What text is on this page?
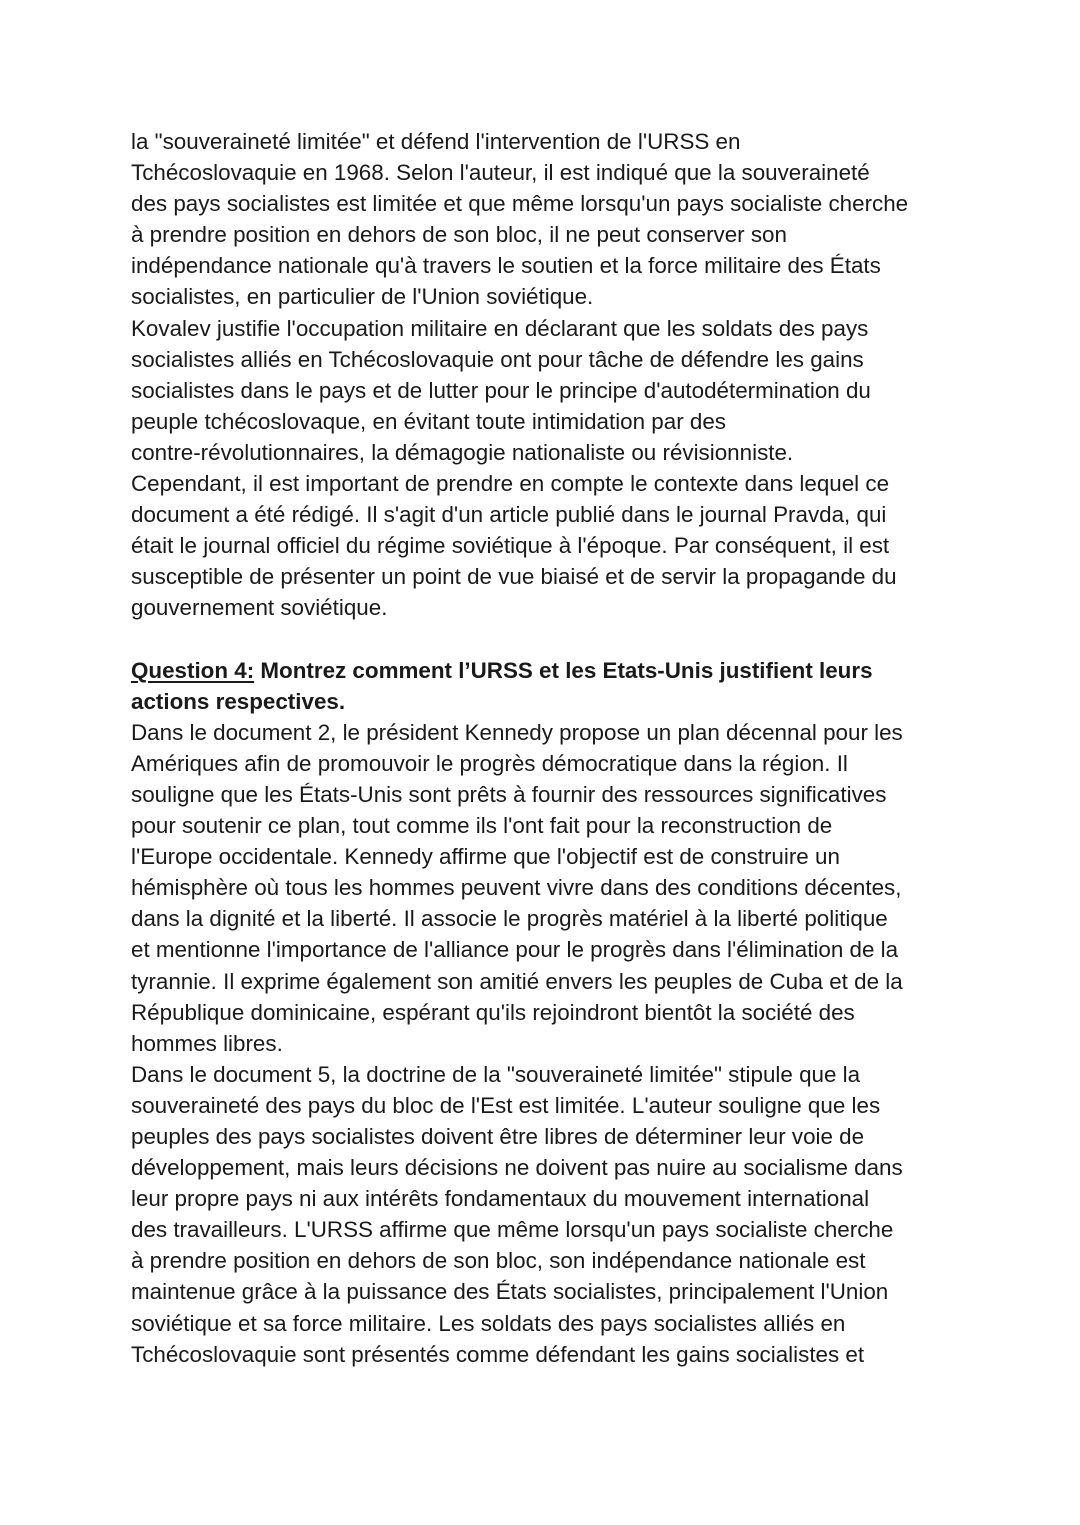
la "souveraineté limitée" et défend l'intervention de l'URSS en
Tchécoslovaquie en 1968. Selon l'auteur, il est indiqué que la souveraineté
des pays socialistes est limitée et que même lorsqu'un pays socialiste cherche
à prendre position en dehors de son bloc, il ne peut conserver son
indépendance nationale qu'à travers le soutien et la force militaire des États
socialistes, en particulier de l'Union soviétique.
Kovalev justifie l'occupation militaire en déclarant que les soldats des pays
socialistes alliés en Tchécoslovaquie ont pour tâche de défendre les gains
socialistes dans le pays et de lutter pour le principe d'autodétermination du
peuple tchécoslovaque, en évitant toute intimidation par des
contre-révolutionnaires, la démagogie nationaliste ou révisionniste.
Cependant, il est important de prendre en compte le contexte dans lequel ce
document a été rédigé. Il s'agit d'un article publié dans le journal Pravda, qui
était le journal officiel du régime soviétique à l'époque. Par conséquent, il est
susceptible de présenter un point de vue biaisé et de servir la propagande du
gouvernement soviétique.
Question 4: Montrez comment l’URSS et les Etats-Unis justifient leurs
actions respectives.
Dans le document 2, le président Kennedy propose un plan décennal pour les
Amériques afin de promouvoir le progrès démocratique dans la région. Il
souligne que les États-Unis sont prêts à fournir des ressources significatives
pour soutenir ce plan, tout comme ils l'ont fait pour la reconstruction de
l'Europe occidentale. Kennedy affirme que l'objectif est de construire un
hémisphère où tous les hommes peuvent vivre dans des conditions décentes,
dans la dignité et la liberté. Il associe le progrès matériel à la liberté politique
et mentionne l'importance de l'alliance pour le progrès dans l'élimination de la
tyrannie. Il exprime également son amitié envers les peuples de Cuba et de la
République dominicaine, espérant qu'ils rejoindront bientôt la société des
hommes libres.
Dans le document 5, la doctrine de la "souveraineté limitée" stipule que la
souveraineté des pays du bloc de l'Est est limitée. L'auteur souligne que les
peuples des pays socialistes doivent être libres de déterminer leur voie de
développement, mais leurs décisions ne doivent pas nuire au socialisme dans
leur propre pays ni aux intérêts fondamentaux du mouvement international
des travailleurs. L'URSS affirme que même lorsqu'un pays socialiste cherche
à prendre position en dehors de son bloc, son indépendance nationale est
maintenue grâce à la puissance des États socialistes, principalement l'Union
soviétique et sa force militaire. Les soldats des pays socialistes alliés en
Tchécoslovaquie sont présentés comme défendant les gains socialistes et
